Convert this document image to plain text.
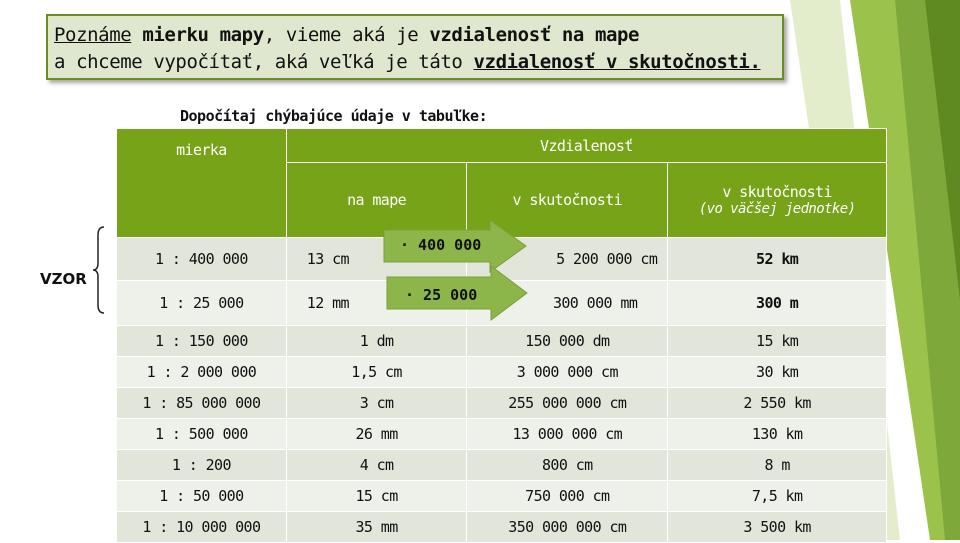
Poznáme mierku mapy, vieme aká je vzdialenosť na mape
a chceme vypočítať, aká veľká je táto vzdialenosť v skutočnosti.
Dopočítaj chýbajúce údaje v tabuľke:
VZOR
mierka	Vzdialenosť		
	na mape	v skutočnosti	v skutočnosti
(vo väčšej jednotke)

1 : 400 000	13 cm	5 200 000 cm	52 km
1 : 25 000	12 mm	300 000 mm	300 m
1 : 150 000	1 dm	150 000 dm	15 km
1 : 2 000 000	1,5 cm	3 000 000 cm	30 km
1 : 85 000 000	3 cm	255 000 000 cm	2 550 km
1 : 500 000	26 mm	13 000 000 cm	130 km
1 : 200	4 cm	800 cm	8 m
1 : 50 000	15 cm	750 000 cm	7,5 km
1 : 10 000 000	35 mm	350 000 000 cm	3 500 km
· 400 000
· 25 000
